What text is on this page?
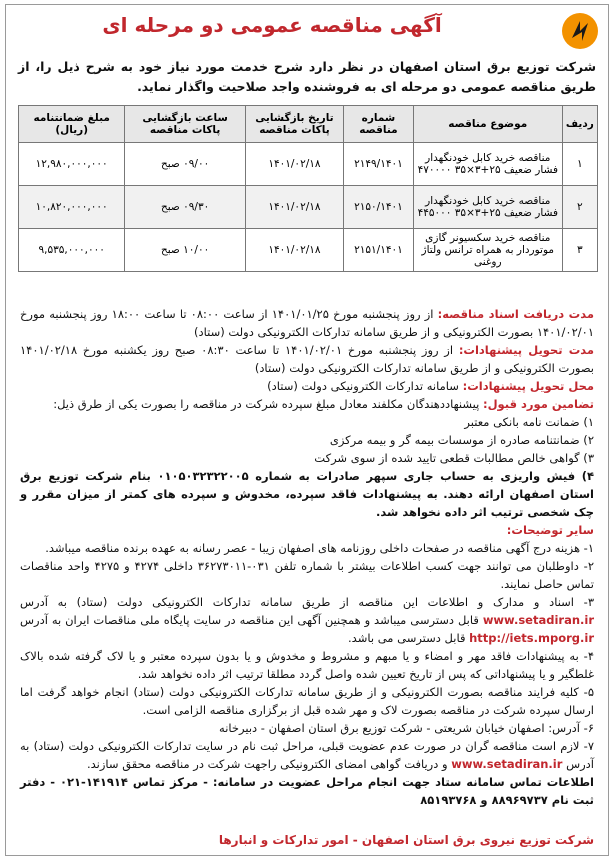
آگهی مناقصه عمومی دو مرحله ای
شرکت توزیع برق استان اصفهان در نظر دارد شرح خدمت مورد نیاز خود به شرح ذیل را، از طریق مناقصه عمومی دو مرحله ای به فروشنده واجد صلاحیت واگذار نماید.
ردیف	موضوع مناقصه	شماره مناقصه	تاریخ بازگشایی پاکات مناقصه	ساعت بازگشایی پاکات مناقصه	مبلغ ضمانتنامه (ریال)
۱	مناقصه خرید کابل خودنگهدار فشار ضعیف ۲۵+۳×۳۵ ۴۷۰۰۰۰	۲۱۴۹/۱۴۰۱	۱۴۰۱/۰۲/۱۸	۰۹/۰۰ صبح	۱۲,۹۸۰,۰۰۰,۰۰۰
۲	مناقصه خرید کابل خودنگهدار فشار ضعیف ۲۵+۳×۳۵ ۴۴۵۰۰۰	۲۱۵۰/۱۴۰۱	۱۴۰۱/۰۲/۱۸	۰۹/۳۰ صبح	۱۰,۸۲۰,۰۰۰,۰۰۰
۳	مناقصه خرید سکسیونر گازی موتوردار به همراه ترانس ولتاژ روغنی	۲۱۵۱/۱۴۰۱	۱۴۰۱/۰۲/۱۸	۱۰/۰۰ صبح	۹,۵۳۵,۰۰۰,۰۰۰

مدت دریافت اسناد مناقصه: از روز پنجشنبه مورخ ۱۴۰۱/۰۱/۲۵ از ساعت ۰۸:۰۰ تا ساعت ۱۸:۰۰ روز پنجشنبه مورخ ۱۴۰۱/۰۲/۰۱ بصورت الکترونیکی و از طریق سامانه تدارکات الکترونیکی دولت (ستاد)

مدت تحویل پیشنهادات: از روز پنجشنبه مورخ ۱۴۰۱/۰۲/۰۱ تا ساعت ۰۸:۳۰ صبح روز یکشنبه مورخ ۱۴۰۱/۰۲/۱۸ بصورت الکترونیکی و از طریق سامانه تدارکات الکترونیکی دولت (ستاد)

محل تحویل پیشنهادات: سامانه تدارکات الکترونیکی دولت (ستاد)

تضامین مورد قبول: پیشنهاددهندگان مکلفند معادل مبلغ سپرده شرکت در مناقصه را بصورت یکی از طرق ذیل:

۱) ضمانت نامه بانکی معتبر

۲) ضمانتنامه صادره از موسسات بیمه گر و بیمه مرکزی

۳) گواهی خالص مطالبات قطعی تایید شده از سوی شرکت

۴) فیش واریزی به حساب جاری سپهر صادرات به شماره ۰۱۰۵۰۳۲۳۲۲۰۰۵ بنام شرکت توزیع برق استان اصفهان ارائه دهند. به پیشنهادات فاقد سپرده، مخدوش و سپرده های کمتر از میزان مقرر و چک شخصی ترتیب اثر داده نخواهد شد.

سایر توضیحات:

۱- هزینه درج آگهی مناقصه در صفحات داخلی روزنامه های اصفهان زیبا - عصر رسانه به عهده برنده مناقصه میباشد.

۲- داوطلبان می توانند جهت کسب اطلاعات بیشتر با شماره تلفن ۰۳۱-۳۶۲۷۳۰۱۱ داخلی ۴۲۷۴ و ۴۲۷۵ واحد مناقصات تماس حاصل نمایند.

۳- اسناد و مدارک و اطلاعات این مناقصه از طریق سامانه تدارکات الکترونیکی دولت (ستاد) به آدرس www.setadiran.ir قابل دسترسی میباشد و همچنین آگهی این مناقصه در سایت پایگاه ملی مناقصات ایران به آدرس http://iets.mporg.ir قابل دسترسی می باشد.

۴- به پیشنهادات فاقد مهر و امضاء و یا مبهم و مشروط و مخدوش و یا بدون سپرده معتبر و یا لاک گرفته شده بالاک غلطگیر و یا پیشنهاداتی که پس از تاریخ تعیین شده واصل گردد مطلقا ترتیب اثر داده نخواهد شد.

۵- کلیه فرایند مناقصه بصورت الکترونیکی و از طریق سامانه تدارکات الکترونیکی دولت (ستاد) انجام خواهد گرفت اما ارسال سپرده شرکت در مناقصه بصورت لاک و مهر شده قبل از برگزاری مناقصه الزامی است.

۶- آدرس: اصفهان خیابان شریعتی - شرکت توزیع برق استان اصفهان - دبیرخانه

۷- لازم است مناقصه گران در صورت عدم عضویت قبلی، مراحل ثبت نام در سایت تدارکات الکترونیکی دولت (ستاد) به آدرس www.setadiran.ir و دریافت گواهی امضای الکترونیکی راجهت شرکت در مناقصه محقق سازند.

اطلاعات تماس سامانه ستاد جهت انجام مراحل عضویت در سامانه: - مرکز تماس ۱۴۱۹۱۴-۰۲۱ - دفتر ثبت نام ۸۸۹۶۹۷۳۷ و ۸۵۱۹۳۷۶۸

شرکت توزیع نیروی برق استان اصفهان - امور تدارکات و انبارها
